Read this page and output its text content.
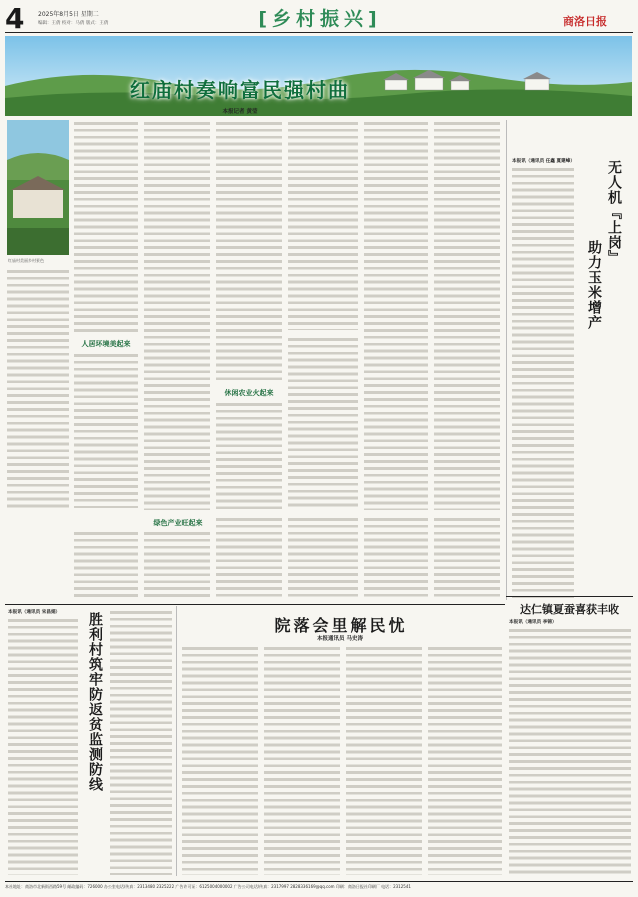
4 2025年8月5日 星期二
编辑：王倩 校对：马倩 版式：王倩	[乡村振兴]	商洛日报
红庙村奏响富民强村曲
本报记者 黄莹
红庙村美丽乡村景色
人居环境美起来
休闲农业火起来
绿色产业旺起来
本报讯（通讯员 任鑫 夏建峰） 无人机『上岗』
助力玉米增产
达仁镇夏蚕喜获丰收
本报讯（通讯员 李锦）
本报讯（通讯员 宋昌娟）	胜利村筑牢防返贫监测防线	院落会里解民忧
本报通讯员 马史涛
本社地址：商洛市北新街西路59号 邮政编码：726000 办公室电话/传真：2313480 2325222 广告许可证：6125004000002 广告公司电话/传真：2317997 2828336169@qq.com 印刷：商洛日报社印刷厂 电话：2312541
